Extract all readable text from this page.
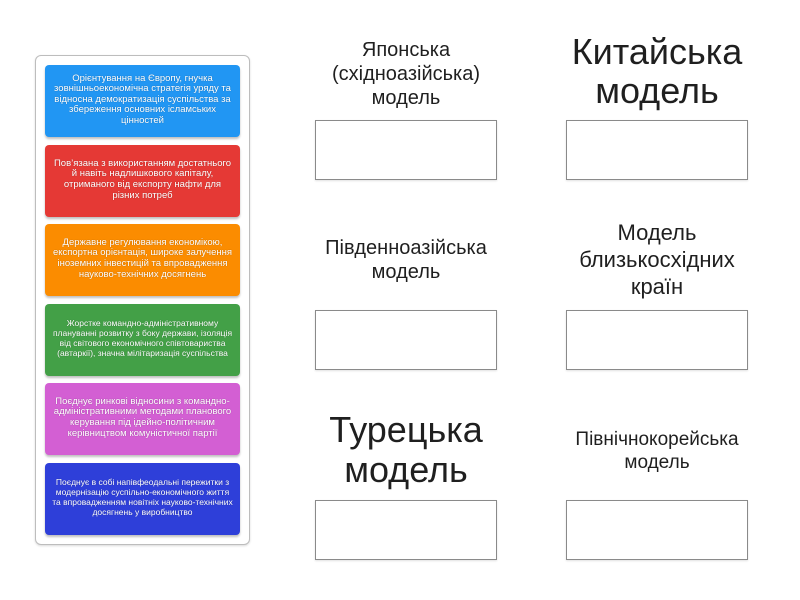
Орієнтування на Європу, гнучка зовнішньоекономічна стратегія уряду та відносна демократизація суспільства за збереження основних ісламських цінностей
Пов’язана з використанням достатнього й навіть надлишкового капіталу, отриманого від експорту нафти для різних потреб
Державне регулювання економікою, експортна орієнтація, широке залучення іноземних інвестицій та впровадження науково-технічних досягнень
Жорстке командно-адміністративному плануванні розвитку з боку держави, ізоляція від світового економічного співтовариства (автаркії), значна мілітаризація суспільства
Поєднує ринкові відносини з командно-адміністративними методами планового керування під ідейно-політичним керівництвом комуністичної партії
Поєднує в собі напівфеодальні пережитки з модернізацію суспільно-економічного життя та впровадженням новітніх науково-технічних досягнень у виробництво
Японська (східноазійська) модель
Китайська модель
Південноазійська модель
Модель близькосхідних країн
Турецька модель
Північнокорейська модель
